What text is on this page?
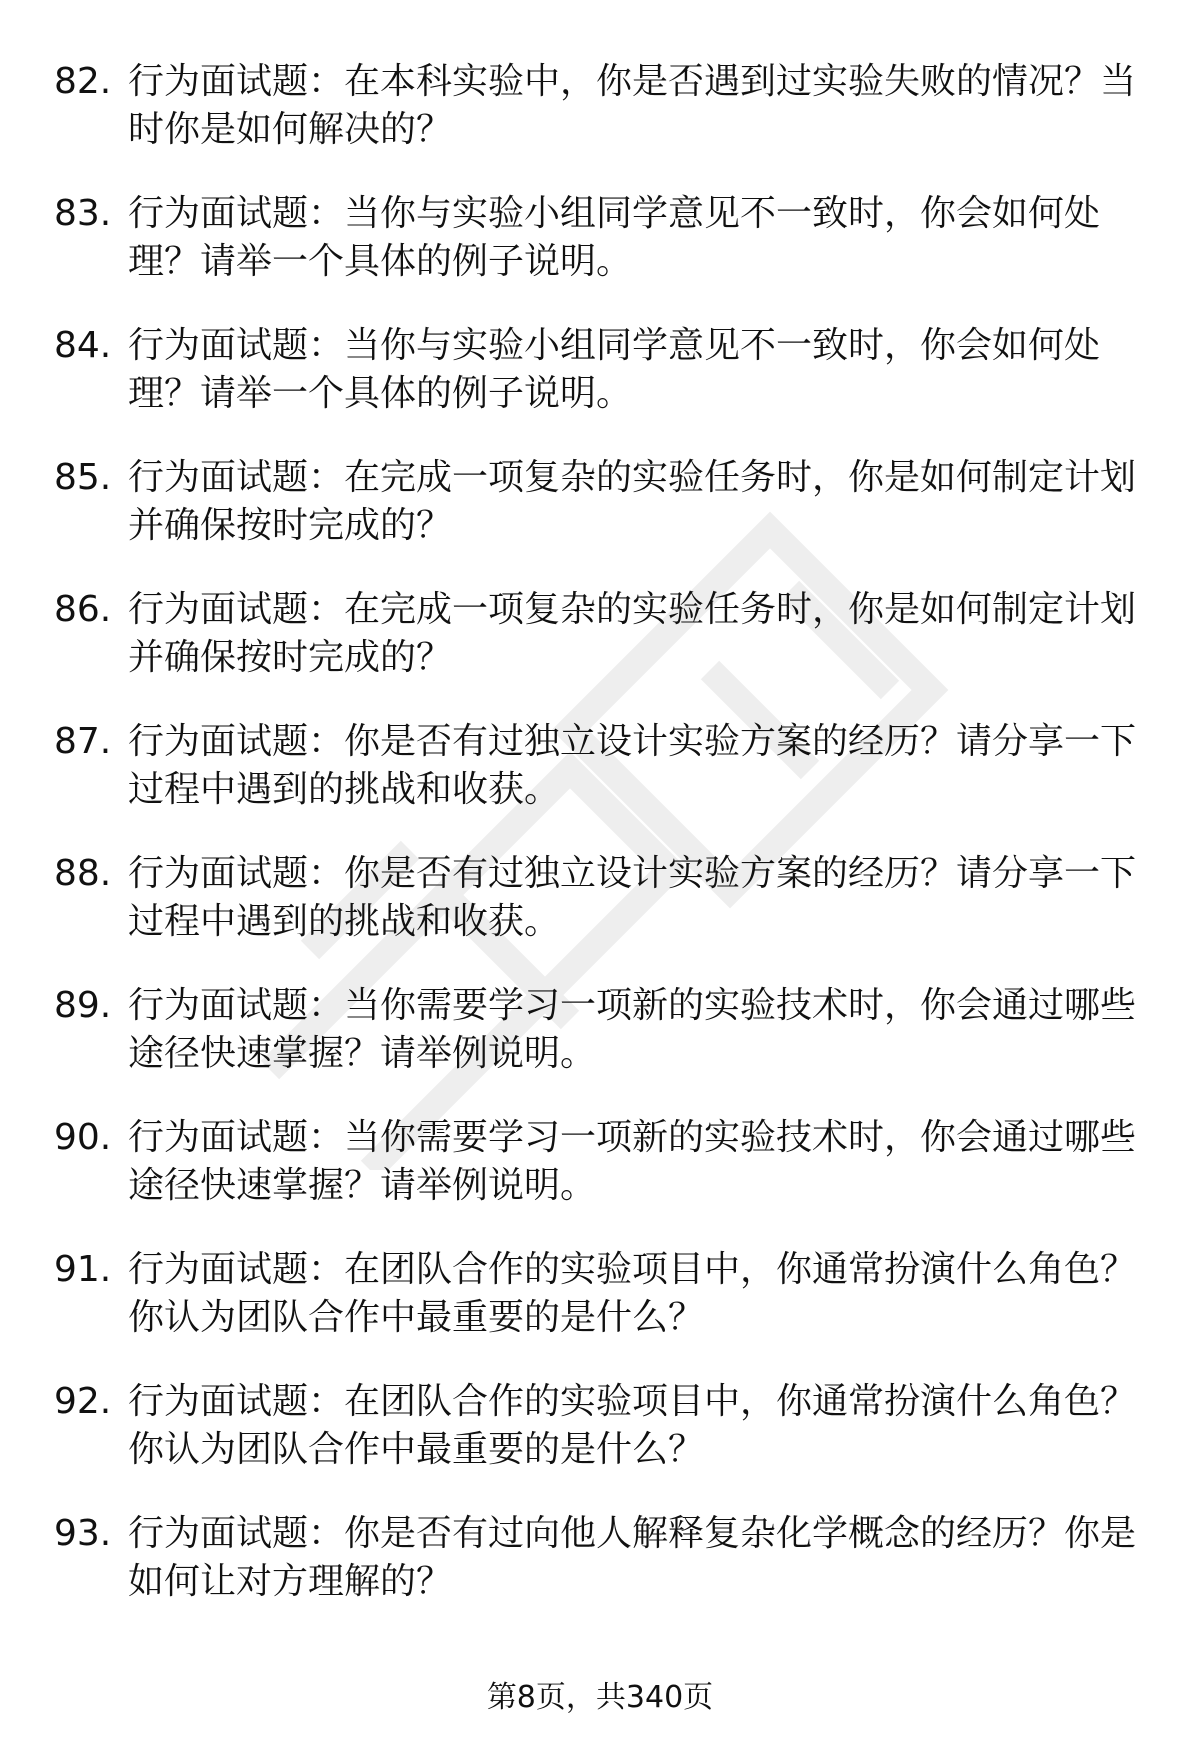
82. 行为面试题：在本科实验中，你是否遇到过实验失败的情况？当时你是如何解决的？
83. 行为面试题：当你与实验小组同学意见不一致时，你会如何处理？请举一个具体的例子说明。
84. 行为面试题：当你与实验小组同学意见不一致时，你会如何处理？请举一个具体的例子说明。
85. 行为面试题：在完成一项复杂的实验任务时，你是如何制定计划并确保按时完成的？
86. 行为面试题：在完成一项复杂的实验任务时，你是如何制定计划并确保按时完成的？
87. 行为面试题：你是否有过独立设计实验方案的经历？请分享一下过程中遇到的挑战和收获。
88. 行为面试题：你是否有过独立设计实验方案的经历？请分享一下过程中遇到的挑战和收获。
89. 行为面试题：当你需要学习一项新的实验技术时，你会通过哪些途径快速掌握？请举例说明。
90. 行为面试题：当你需要学习一项新的实验技术时，你会通过哪些途径快速掌握？请举例说明。
91. 行为面试题：在团队合作的实验项目中，你通常扮演什么角色？你认为团队合作中最重要的是什么？
92. 行为面试题：在团队合作的实验项目中，你通常扮演什么角色？你认为团队合作中最重要的是什么？
93. 行为面试题：你是否有过向他人解释复杂化学概念的经历？你是如何让对方理解的？
第8页，共340页
